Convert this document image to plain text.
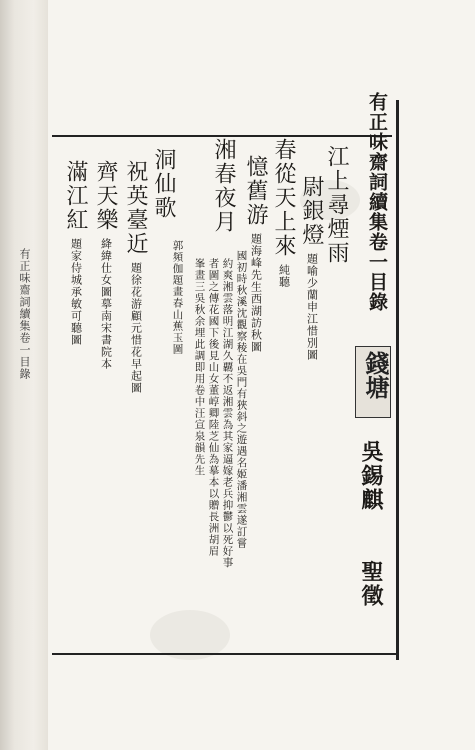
有正味齋詞續集卷一目錄
有正味齋詞續集卷一目錄
錢塘
吳錫麒
聖徵
江上尋煙雨
尉銀燈
題喻少蘭申江惜別圖
春從天上來
純聽
憶舊游
題海峰先生西湖訪秋圖
湘春夜月
國初時秋溪沈觀察稜在吳門有狹斜之遊遇名姬潘湘雲遂訂嘗
約爽湘雲落明江湖久覊不返湘雲為其家逼嫁老兵抑鬱以死好事
者圖之傳花國下後見山女董崞卿陸芝仙為摹本以贈長洲胡眉
峯畫三吳秋余埋此調即用卷中汪宣泉韻先生
洞仙歌
郭頻伽題畫春山蕉玉圖
祝英臺近
題徐花游顧元惜花早起圖
齊天樂
絳緯仕女圖摹南宋書院本
滿江紅
題家侍城承敏可聽圖
